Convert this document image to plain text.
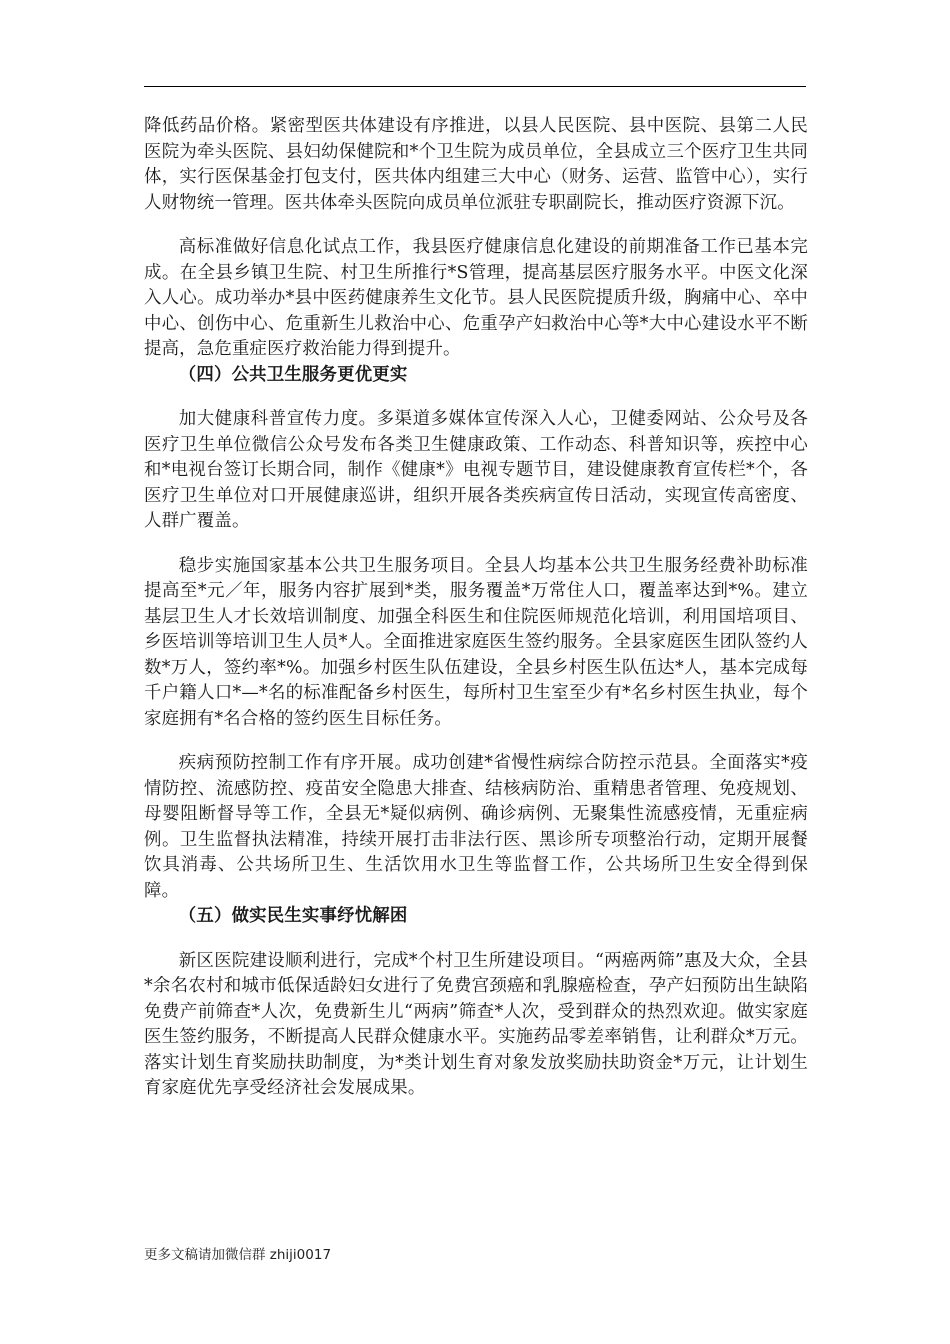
降低药品价格。紧密型医共体建设有序推进，以县人民医院、县中医院、县第二人民医院为牵头医院、县妇幼保健院和*个卫生院为成员单位，全县成立三个医疗卫生共同体，实行医保基金打包支付，医共体内组建三大中心（财务、运营、监管中心），实行人财物统一管理。医共体牵头医院向成员单位派驻专职副院长，推动医疗资源下沉。

高标准做好信息化试点工作，我县医疗健康信息化建设的前期准备工作已基本完成。在全县乡镇卫生院、村卫生所推行*S管理，提高基层医疗服务水平。中医文化深入人心。成功举办*县中医药健康养生文化节。县人民医院提质升级，胸痛中心、卒中中心、创伤中心、危重新生儿救治中心、危重孕产妇救治中心等*大中心建设水平不断提高，急危重症医疗救治能力得到提升。

（四）公共卫生服务更优更实

加大健康科普宣传力度。多渠道多媒体宣传深入人心，卫健委网站、公众号及各医疗卫生单位微信公众号发布各类卫生健康政策、工作动态、科普知识等，疾控中心和*电视台签订长期合同，制作《健康*》电视专题节目，建设健康教育宣传栏*个，各医疗卫生单位对口开展健康巡讲，组织开展各类疾病宣传日活动，实现宣传高密度、人群广覆盖。

稳步实施国家基本公共卫生服务项目。全县人均基本公共卫生服务经费补助标准提高至*元／年，服务内容扩展到*类，服务覆盖*万常住人口，覆盖率达到*%。建立基层卫生人才长效培训制度、加强全科医生和住院医师规范化培训，利用国培项目、乡医培训等培训卫生人员*人。全面推进家庭医生签约服务。全县家庭医生团队签约人数*万人，签约率*%。加强乡村医生队伍建设，全县乡村医生队伍达*人，基本完成每千户籍人口*—*名的标准配备乡村医生，每所村卫生室至少有*名乡村医生执业，每个家庭拥有*名合格的签约医生目标任务。

疾病预防控制工作有序开展。成功创建*省慢性病综合防控示范县。全面落实*疫情防控、流感防控、疫苗安全隐患大排查、结核病防治、重精患者管理、免疫规划、母婴阻断督导等工作，全县无*疑似病例、确诊病例、无聚集性流感疫情，无重症病例。卫生监督执法精准，持续开展打击非法行医、黑诊所专项整治行动，定期开展餐饮具消毒、公共场所卫生、生活饮用水卫生等监督工作，公共场所卫生安全得到保障。

（五）做实民生实事纾忧解困

新区医院建设顺利进行，完成*个村卫生所建设项目。“两癌两筛”惠及大众，全县*余名农村和城市低保适龄妇女进行了免费宫颈癌和乳腺癌检查，孕产妇预防出生缺陷免费产前筛查*人次，免费新生儿“两病”筛查*人次，受到群众的热烈欢迎。做实家庭医生签约服务，不断提高人民群众健康水平。实施药品零差率销售，让利群众*万元。落实计划生育奖励扶助制度，为*类计划生育对象发放奖励扶助资金*万元，让计划生育家庭优先享受经济社会发展成果。

更多文稿请加微信群 zhiji0017
